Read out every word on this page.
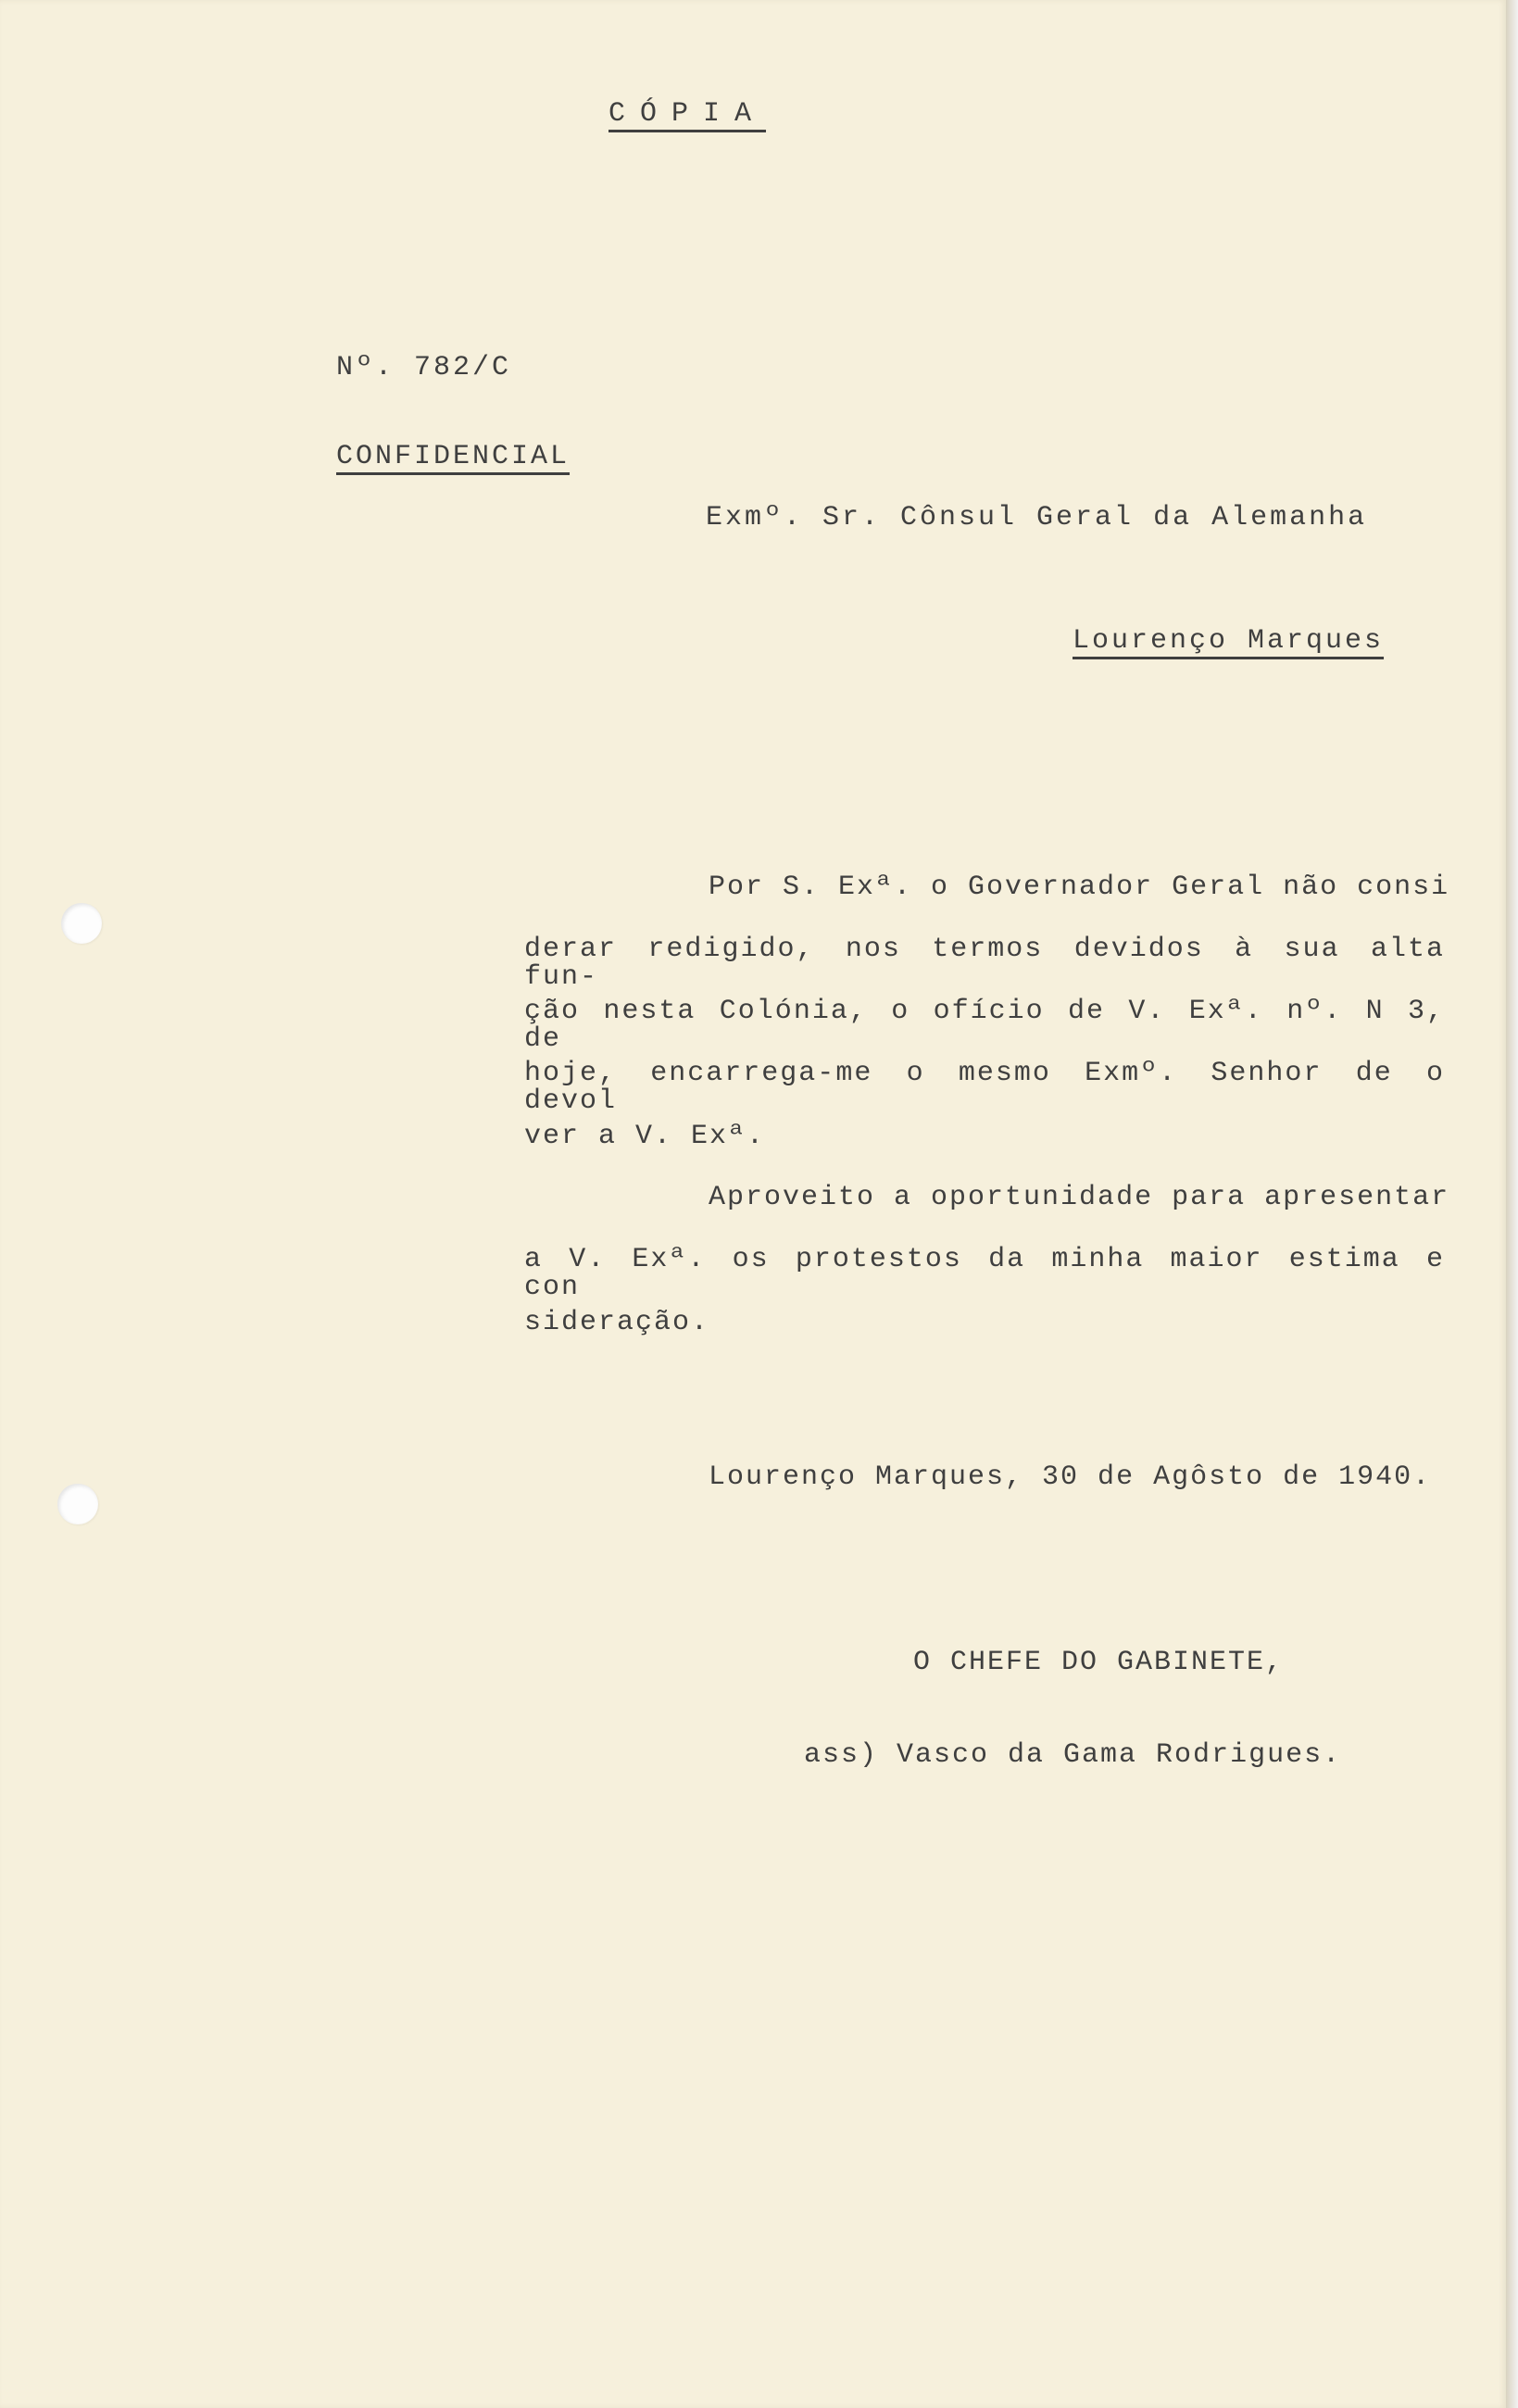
CÓPIA
Nº. 782/C
CONFIDENCIAL
Exmº. Sr. Cônsul Geral da Alemanha
Lourenço Marques
Por S. Exª. o Governador Geral não consi
derar redigido, nos termos devidos à sua alta fun-
ção nesta Colónia, o ofício de V. Exª. nº. N 3, de
hoje, encarrega-me o mesmo Exmº. Senhor de o devol
ver a V. Exª.
Aproveito a oportunidade para apresentar
a V. Exª. os protestos da minha maior estima e con
sideração.
Lourenço Marques, 30 de Agôsto de 1940.
O CHEFE DO GABINETE,
ass) Vasco da Gama Rodrigues.
